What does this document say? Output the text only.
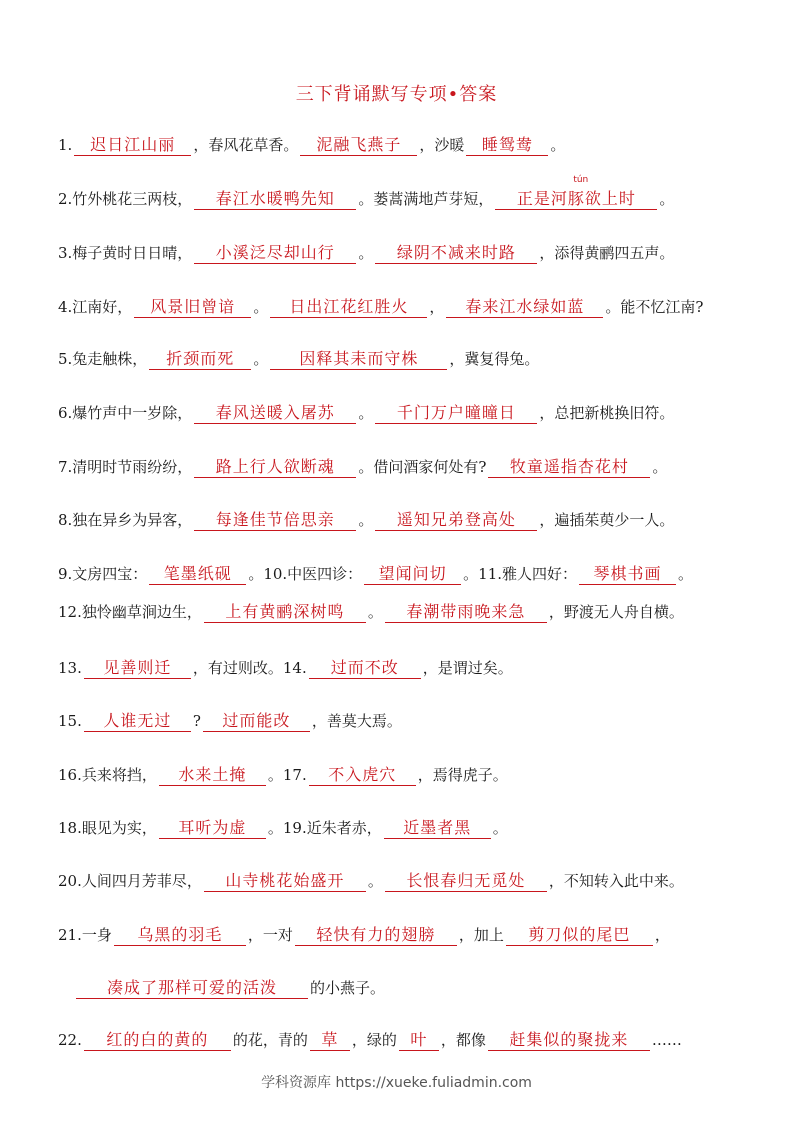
三下背诵默写专项•答案
1. 迟日江山丽 ，春风花草香。 泥融飞燕子 ，沙暖 睡鸳鸯 。
2.竹外桃花三两枝， 春江水暖鸭先知 。蒌蒿满地芦芽短，
tún
正是河豚欲上时 。
3.梅子黄时日日晴， 小溪泛尽却山行 。 绿阴不减来时路 ，添得黄鹂四五声。
4.江南好， 风景旧曾谙 。 日出江花红胜火 ， 春来江水绿如蓝 。能不忆江南?
5.兔走触株， 折颈而死 。 因释其耒而守株 ，冀复得兔。
6.爆竹声中一岁除， 春风送暖入屠苏 。 千门万户曈曈日 ，总把新桃换旧符。
7.清明时节雨纷纷， 路上行人欲断魂 。借问酒家何处有? 牧童遥指杏花村 。
8.独在异乡为异客， 每逢佳节倍思亲 。 遥知兄弟登高处 ，遍插茱萸少一人。
9.文房四宝： 笔墨纸砚 。10.中医四诊： 望闻问切 。11.雅人四好： 琴棋书画 。
12.独怜幽草涧边生， 上有黄鹂深树鸣 。 春潮带雨晚来急 ，野渡无人舟自横。
13. 见善则迁 ，有过则改。14. 过而不改 ，是谓过矣。
15. 人谁无过 ? 过而能改 ，善莫大焉。
16.兵来将挡， 水来土掩 。17. 不入虎穴 ，焉得虎子。
18.眼见为实， 耳听为虚 。19.近朱者赤， 近墨者黑 。
20.人间四月芳菲尽， 山寺桃花始盛开 。 长恨春归无觅处 ，不知转入此中来。
21.一身 乌黑的羽毛 ，一对 轻快有力的翅膀 ，加上 剪刀似的尾巴 ，
凑成了那样可爱的活泼 的小燕子。
22. 红的白的黄的 的花，青的 草 ，绿的 叶 ，都像 赶集似的聚拢来 ……
学科资源库 https://xueke.fuliadmin.com
